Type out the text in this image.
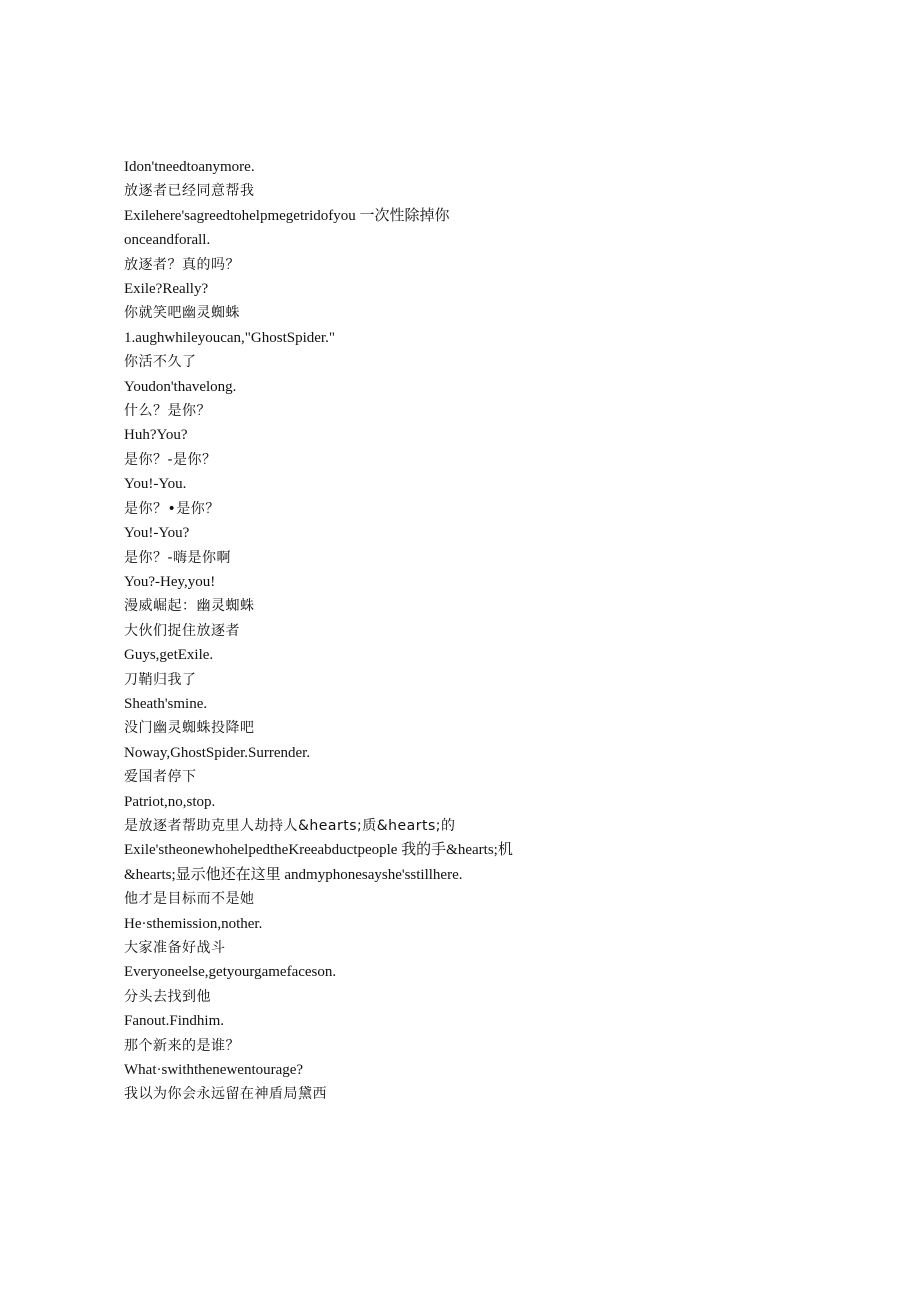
Idon'tneedtoanymore.
放逐者已经同意帮我
Exilehere'sagreedtohelpmegetridofyou 一次性除掉你
onceandforall.
放逐者？真的吗？
Exile?Really?
你就笑吧幽灵蜘蛛
1.aughwhileyoucan,"GhostSpider."
你活不久了
Youdon'thavelong.
什么？是你？
Huh?You?
是你？-是你？
You!-You.
是你？•是你？
You!-You?
是你？-嗨是你啊
You?-Hey,you!
漫威崛起：幽灵蜘蛛
大伙们捉住放逐者
Guys,getExile.
刀鞘归我了
Sheath'smine.
没门幽灵蜘蛛投降吧
Noway,GhostSpider.Surrender.
爱国者停下
Patriot,no,stop.
是放逐者帮助克里人劫持人&hearts;质&hearts;的
Exile'stheonewhohelpedtheKreeabductpeople 我的手&hearts;机
&hearts;显示他还在这里 andmyphonesayshe'sstillhere.
他才是目标而不是她
He·sthemission,nother.
大家准备好战斗
Everyoneelse,getyourgamefaceson.
分头去找到他
Fanout.Findhim.
那个新来的是谁？
What·swiththenewentourage?
我以为你会永远留在神盾局黛西
